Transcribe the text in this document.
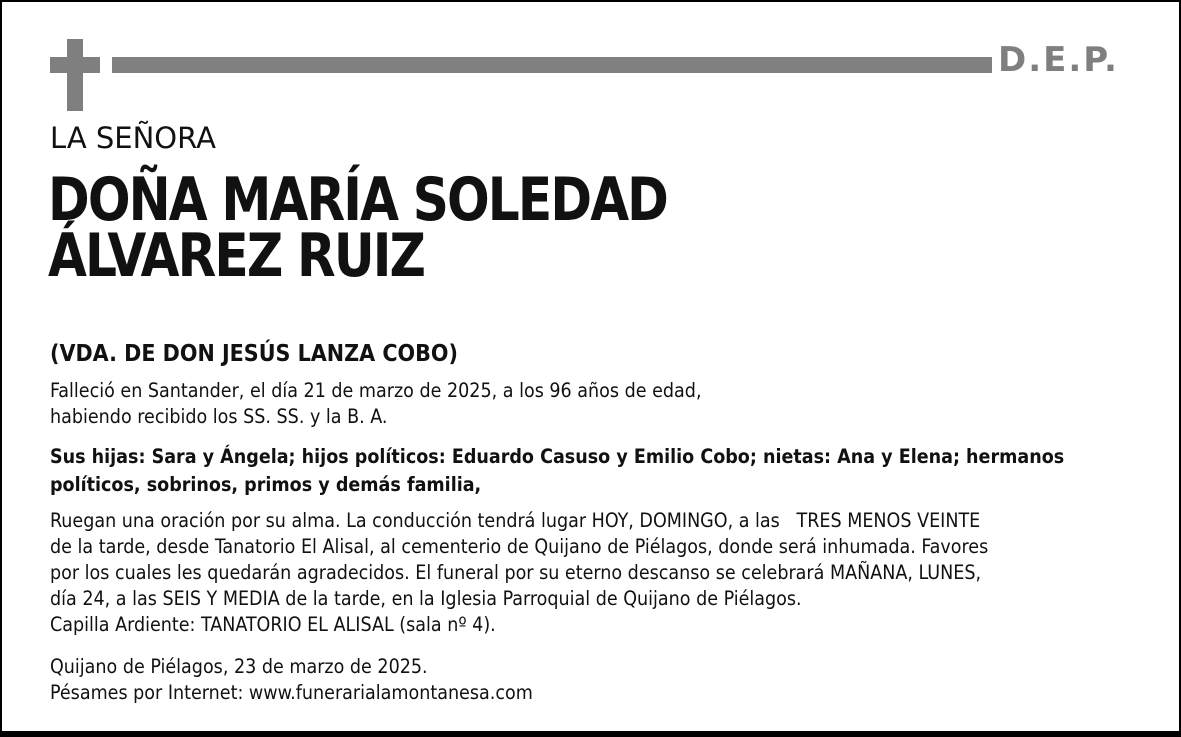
D.E.P.
LA SEÑORA
DOÑA MARÍA SOLEDAD
ÁLVAREZ RUIZ
(VDA. DE DON JESÚS LANZA COBO)
Falleció en Santander, el día 21 de marzo de 2025, a los 96 años de edad,
habiendo recibido los SS. SS. y la B. A.
Sus hijas: Sara y Ángela; hijos políticos: Eduardo Casuso y Emilio Cobo; nietas: Ana y Elena; hermanos
políticos, sobrinos, primos y demás familia,
Ruegan una oración por su alma. La conducción tendrá lugar HOY, DOMINGO, a las   TRES MENOS VEINTE
de la tarde, desde Tanatorio El Alisal, al cementerio de Quijano de Piélagos, donde será inhumada. Favores
por los cuales les quedarán agradecidos. El funeral por su eterno descanso se celebrará MAÑANA, LUNES,
día 24, a las SEIS Y MEDIA de la tarde, en la Iglesia Parroquial de Quijano de Piélagos.
Capilla Ardiente: TANATORIO EL ALISAL (sala nº 4).
Quijano de Piélagos, 23 de marzo de 2025.
Pésames por Internet: www.funerarialamontanesa.com
